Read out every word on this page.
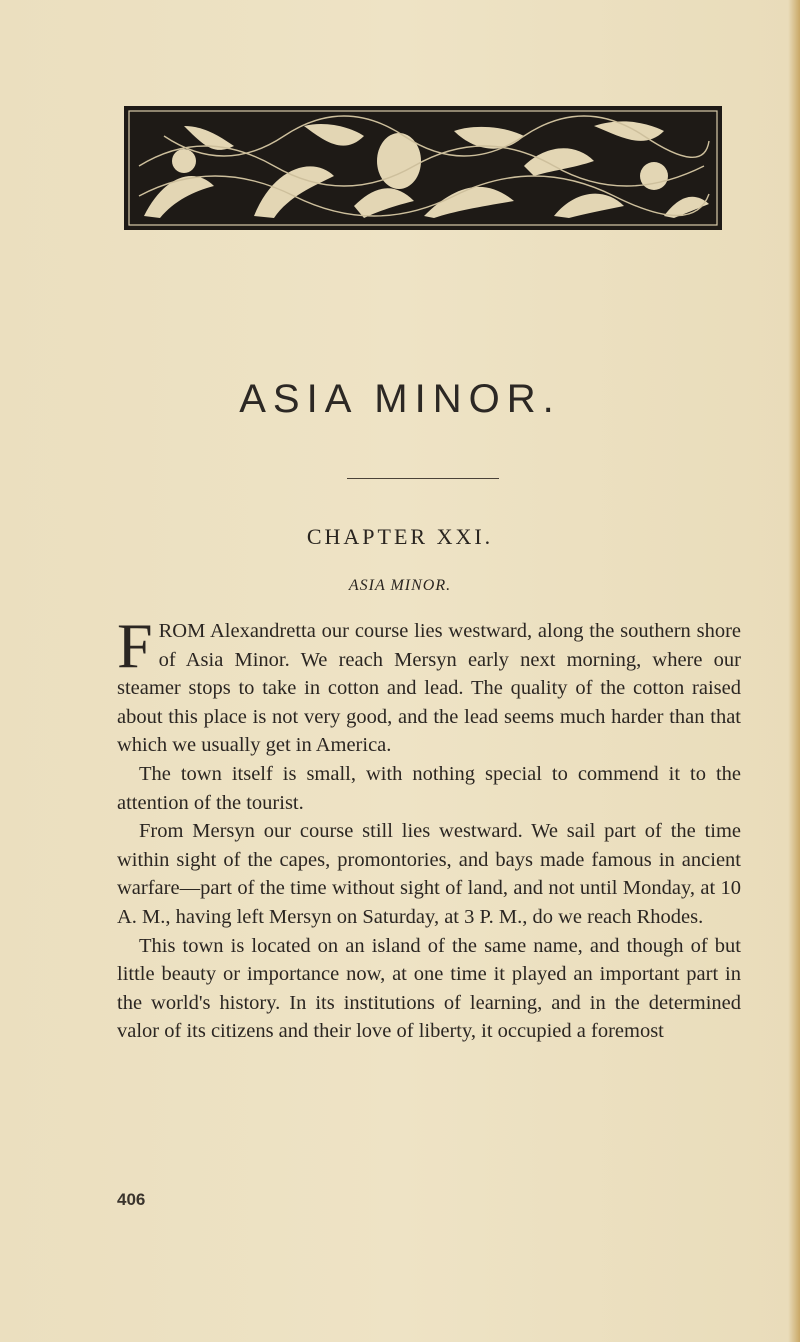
ASIA MINOR.
CHAPTER XXI.
ASIA MINOR.

FROM Alexandretta our course lies westward, along the southern shore of Asia Minor. We reach Mersyn early next morning, where our steamer stops to take in cotton and lead. The quality of the cotton raised about this place is not very good, and the lead seems much harder than that which we usually get in America.

The town itself is small, with nothing special to commend it to the attention of the tourist.

From Mersyn our course still lies westward. We sail part of the time within sight of the capes, promontories, and bays made famous in ancient warfare—part of the time without sight of land, and not until Monday, at 10 A. M., having left Mersyn on Saturday, at 3 P. M., do we reach Rhodes.

This town is located on an island of the same name, and though of but little beauty or importance now, at one time it played an important part in the world's history. In its institutions of learning, and in the determined valor of its citizens and their love of liberty, it occupied a foremost

406
